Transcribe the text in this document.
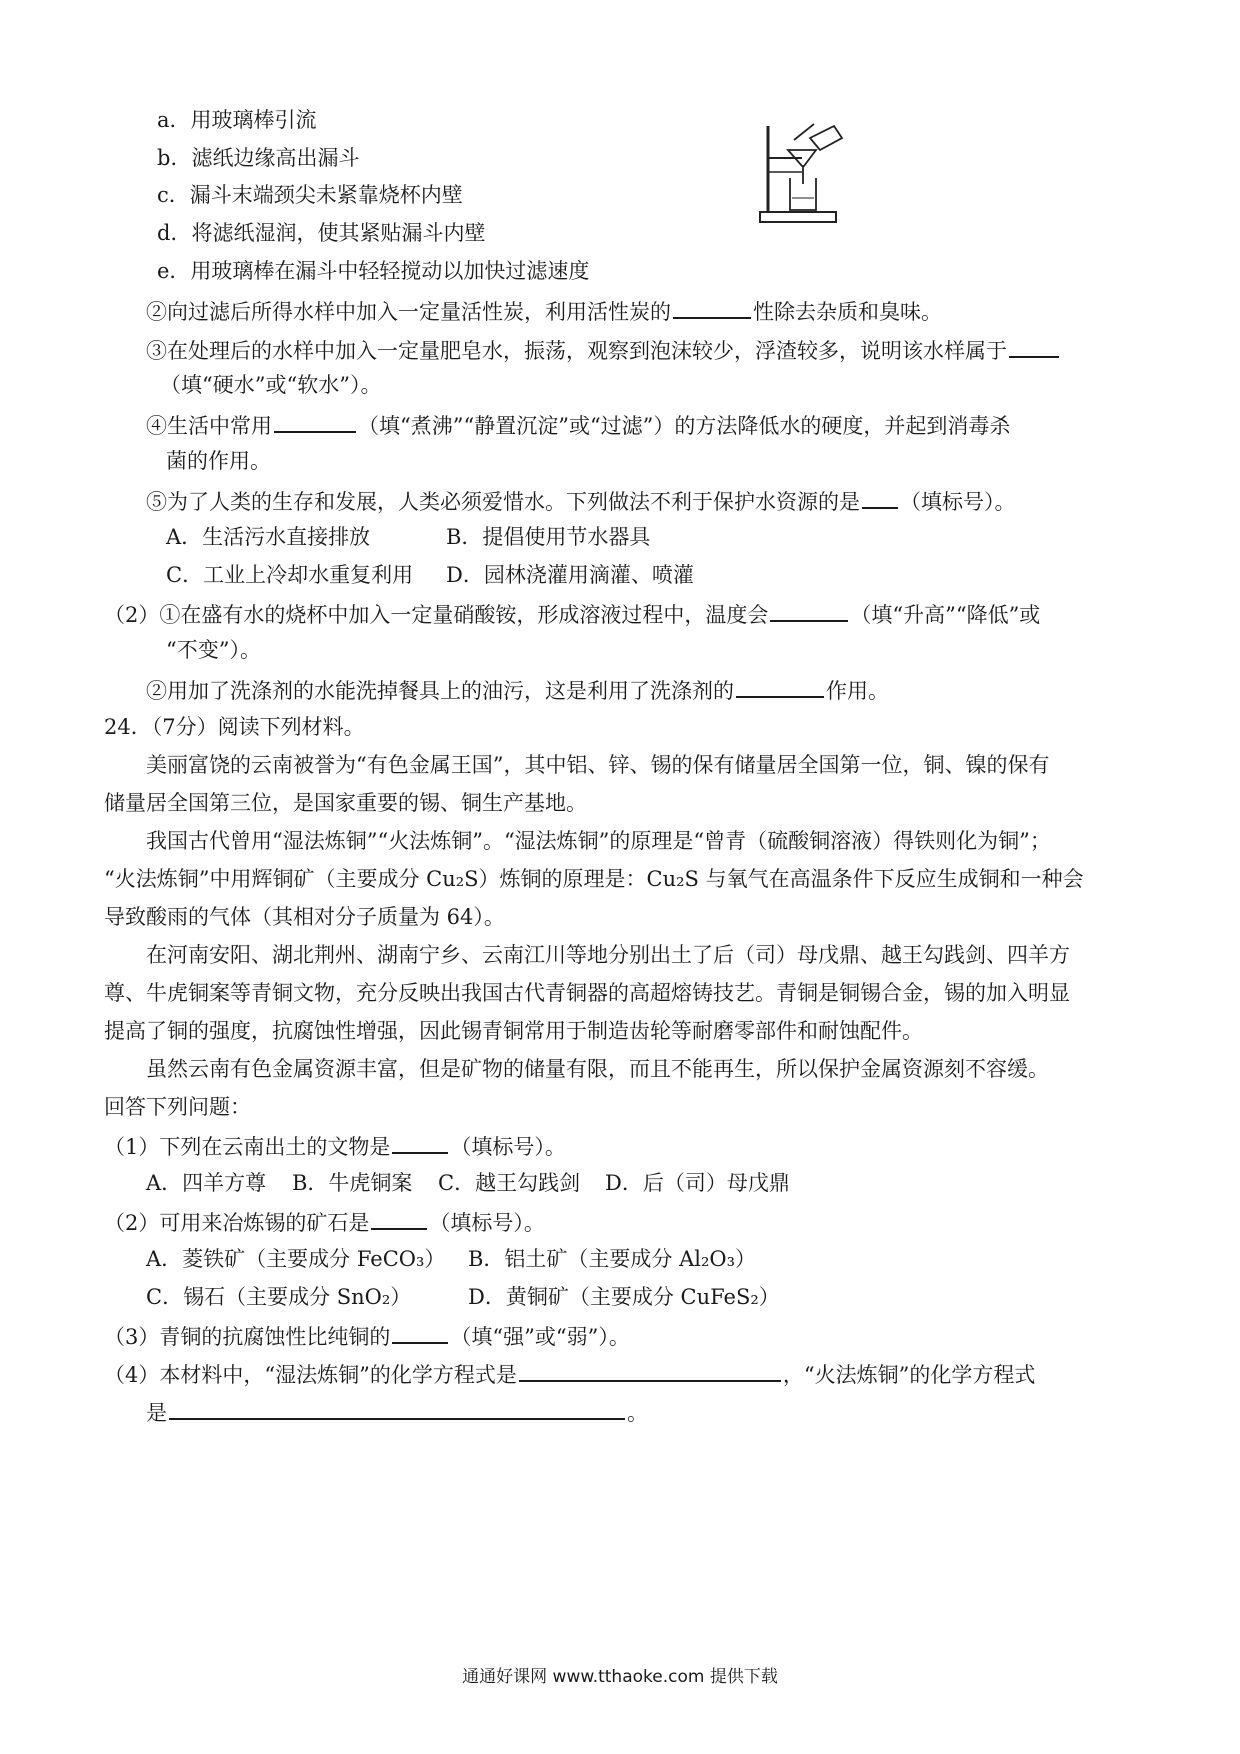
a．用玻璃棒引流
b．滤纸边缘高出漏斗
c．漏斗末端颈尖未紧靠烧杯内壁
d．将滤纸湿润，使其紧贴漏斗内壁
e．用玻璃棒在漏斗中轻轻搅动以加快过滤速度
②向过滤后所得水样中加入一定量活性炭，利用活性炭的	性除去杂质和臭味。
③在处理后的水样中加入一定量肥皂水，振荡，观察到泡沫较少，浮渣较多，说明该水样属于
（填“硬水”或“软水”）。
④生活中常用	（填“煮沸”“静置沉淀”或“过滤”）的方法降低水的硬度，并起到消毒杀
菌的作用。
⑤为了人类的生存和发展，人类必须爱惜水。下列做法不利于保护水资源的是 （填标号）。
A．生活污水直接排放	B．提倡使用节水器具
C．工业上冷却水重复利用 D．园林浇灌用滴灌、喷灌
（2）①在盛有水的烧杯中加入一定量硝酸铵，形成溶液过程中，温度会	（填“升高”“降低”或
“不变”）。
②用加了洗涤剂的水能洗掉餐具上的油污，这是利用了洗涤剂的	作用。
24．（7分）阅读下列材料。
美丽富饶的云南被誉为“有色金属王国”，其中铝、锌、锡的保有储量居全国第一位，铜、镍的保有
储量居全国第三位，是国家重要的锡、铜生产基地。
我国古代曾用“湿法炼铜”“火法炼铜”。“湿法炼铜”的原理是“曾青（硫酸铜溶液）得铁则化为铜”；
“火法炼铜”中用辉铜矿（主要成分 Cu₂S）炼铜的原理是：Cu₂S 与氧气在高温条件下反应生成铜和一种会
导致酸雨的气体（其相对分子质量为 64）。
在河南安阳、湖北荆州、湖南宁乡、云南江川等地分别出土了后（司）母戊鼎、越王勾践剑、四羊方
尊、牛虎铜案等青铜文物，充分反映出我国古代青铜器的高超熔铸技艺。青铜是铜锡合金，锡的加入明显
提高了铜的强度，抗腐蚀性增强，因此锡青铜常用于制造齿轮等耐磨零部件和耐蚀配件。
虽然云南有色金属资源丰富，但是矿物的储量有限，而且不能再生，所以保护金属资源刻不容缓。
回答下列问题：
（1）下列在云南出土的文物是	（填标号）。
A．四羊方尊 B．牛虎铜案 C．越王勾践剑 D．后（司）母戊鼎
（2）可用来冶炼锡的矿石是	（填标号）。
A．菱铁矿（主要成分 FeCO₃） B．铝土矿（主要成分 Al₂O₃）
C．锡石（主要成分 SnO₂）	D．黄铜矿（主要成分 CuFeS₂）
（3）青铜的抗腐蚀性比纯铜的	（填“强”或“弱”）。
（4）本材料中，“湿法炼铜”的化学方程式是	，“火法炼铜”的化学方程式
是	。
通通好课网 www.tthaoke.com 提供下载
